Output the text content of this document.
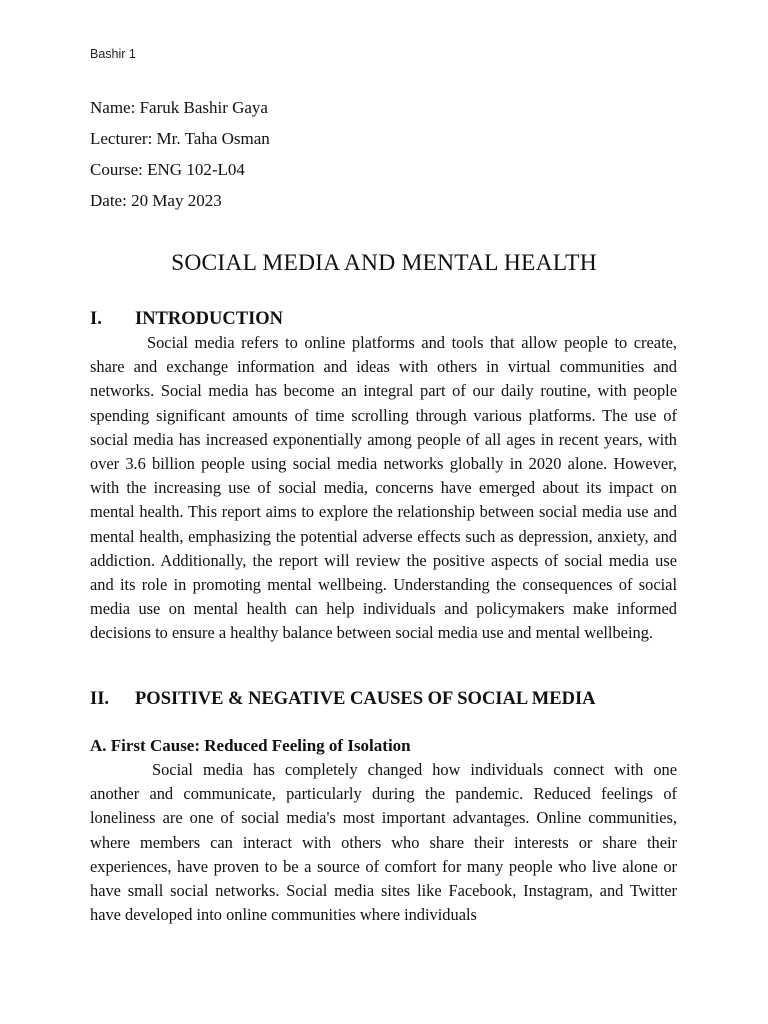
Bashir 1
Name: Faruk Bashir Gaya
Lecturer: Mr. Taha Osman
Course: ENG 102-L04
Date: 20 May 2023
SOCIAL MEDIA AND MENTAL HEALTH
I. INTRODUCTION

Social media refers to online platforms and tools that allow people to create, share and exchange information and ideas with others in virtual communities and networks. Social media has become an integral part of our daily routine, with people spending significant amounts of time scrolling through various platforms. The use of social media has increased exponentially among people of all ages in recent years, with over 3.6 billion people using social media networks globally in 2020 alone. However, with the increasing use of social media, concerns have emerged about its impact on mental health. This report aims to explore the relationship between social media use and mental health, emphasizing the potential adverse effects such as depression, anxiety, and addiction. Additionally, the report will review the positive aspects of social media use and its role in promoting mental wellbeing. Understanding the consequences of social media use on mental health can help individuals and policymakers make informed decisions to ensure a healthy balance between social media use and mental wellbeing.

II. POSITIVE & NEGATIVE CAUSES OF SOCIAL MEDIA
A. First Cause: Reduced Feeling of Isolation

Social media has completely changed how individuals connect with one another and communicate, particularly during the pandemic. Reduced feelings of loneliness are one of social media's most important advantages. Online communities, where members can interact with others who share their interests or share their experiences, have proven to be a source of comfort for many people who live alone or have small social networks. Social media sites like Facebook, Instagram, and Twitter have developed into online communities where individuals
